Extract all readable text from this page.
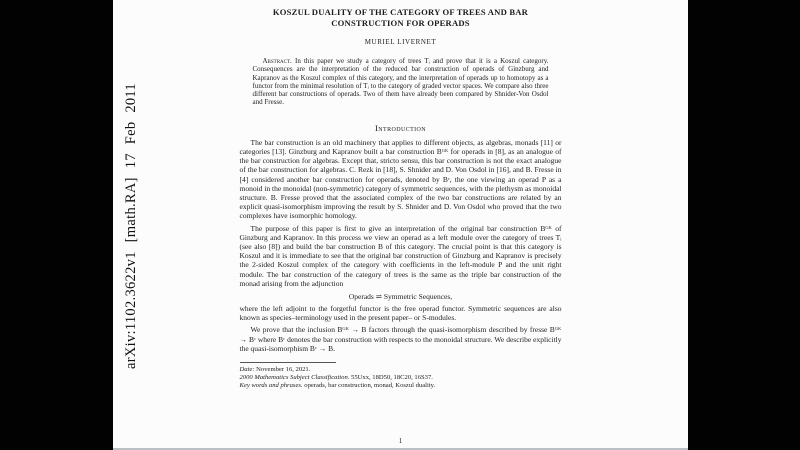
KOSZUL DUALITY OF THE CATEGORY OF TREES AND BAR
CONSTRUCTION FOR OPERADS
MURIEL LIVERNET

Abstract. In this paper we study a category of trees Tᵢ and prove that it is a Koszul category. Consequences are the interpretation of the reduced bar construction of operads of Ginzburg and Kapranov as the Koszul complex of this category, and the interpretation of operads up to homotopy as a functor from the minimal resolution of Tᵢ to the category of graded vector spaces. We compare also three different bar constructions of operads. Two of them have already been compared by Shnider-Von Osdol and Fresse.

Introduction

The bar construction is an old machinery that applies to different objects, as algebras, monads [11] or categories [13]. Ginzburg and Kapranov built a bar construction Bᴳᴷ for operads in [8], as an analogue of the bar construction for algebras. Except that, stricto sensu, this bar construction is not the exact analogue of the bar construction for algebras. C. Rezk in [18], S. Shnider and D. Von Osdol in [16], and B. Fresse in [4] considered another bar construction for operads, denoted by Bᶜ, the one viewing an operad P as a monoid in the monoidal (non-symmetric) category of symmetric sequences, with the plethysm as monoidal structure. B. Fresse proved that the associated complex of the two bar constructions are related by an explicit quasi-isomorphism improving the result by S. Shnider and D. Von Osdol who proved that the two complexes have isomorphic homology.

The purpose of this paper is first to give an interpretation of the original bar construction Bᴳᴷ of Ginzburg and Kapranov. In this process we view an operad as a left module over the category of trees Tᵢ (see also [8]) and build the bar construction B of this category. The crucial point is that this category is Koszul and it is immediate to see that the original bar construction of Ginzburg and Kapranov is precisely the 2-sided Koszul complex of the category with coefficients in the left-module P and the unit right module. The bar construction of the category of trees is the same as the triple bar construction of the monad arising from the adjunction

Operads ⇌ Symmetric Sequences,

where the left adjoint to the forgetful functor is the free operad functor. Symmetric sequences are also known as species–terminology used in the present paper– or S-modules.

We prove that the inclusion Bᴳᴷ → B factors through the quasi-isomorphism described by fresse Bᴳᴷ → Bᶜ where Bᶜ denotes the bar construction with respects to the monoidal structure. We describe explicitly the quasi-isomorphism Bᶜ → B.

Date: November 16, 2021.
2000 Mathematics Subject Classification. 55Uxx, 18D50, 18C20, 16S37.
Key words and phrases. operads, bar construction, monad, Koszul duality.
1
arXiv:1102.3622v1 [math.RA] 17 Feb 2011
